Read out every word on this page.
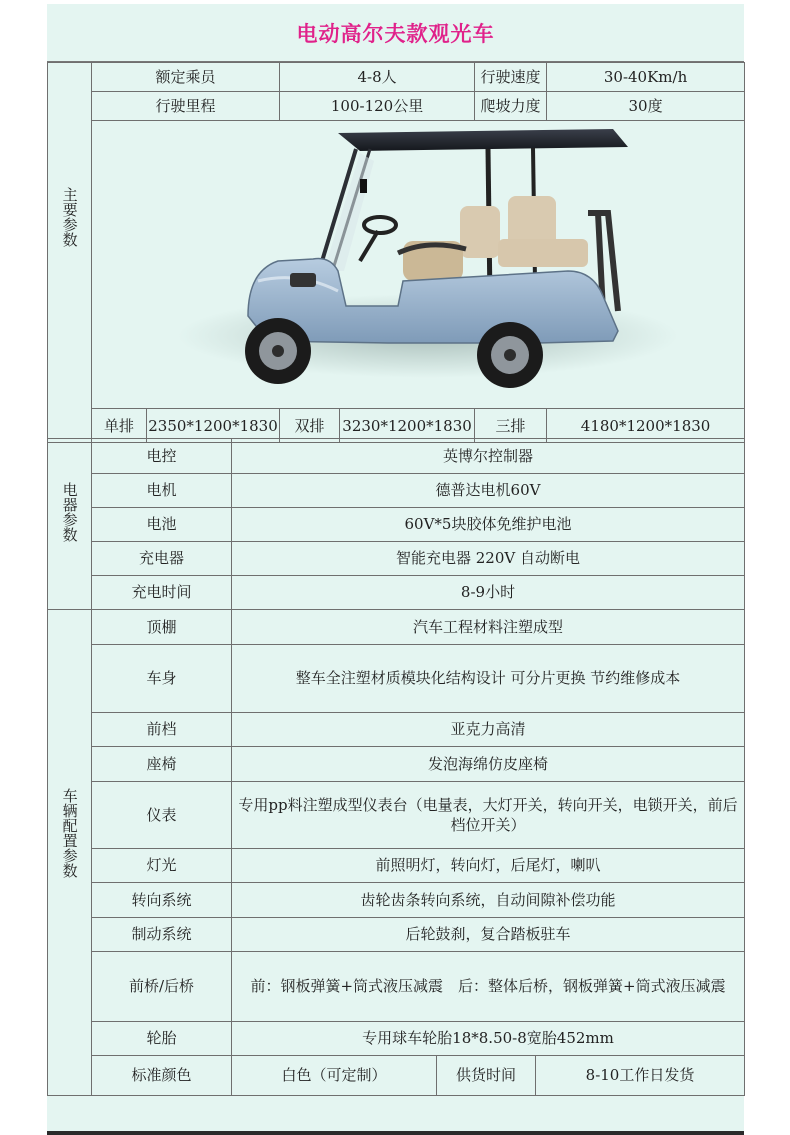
电动高尔夫款观光车
主要参数	额定乘员		4-8人		行驶速度	30-40Km/h
	行驶里程		100-120公里		爬坡力度	30度

	单排	2350*1200*1830	双排	3230*1200*1830	三排	4180*1200*1830
电器参数	电控	英博尔控制器
	电机	德普达电机60V
	电池	60V*5块胶体免维护电池
	充电器	智能充电器 220V 自动断电
	充电时间	8-9小时
车辆配置参数	顶棚	汽车工程材料注塑成型		
	车身	整车全注塑材质模块化结构设计 可分片更换 节约维修成本		
	前档	亚克力高清		
	座椅	发泡海绵仿皮座椅		
	仪表	专用pp料注塑成型仪表台（电量表，大灯开关，转向开关，电锁开关，前后档位开关）		
	灯光	前照明灯，转向灯，后尾灯，喇叭		
	转向系统	齿轮齿条转向系统，自动间隙补偿功能		
	制动系统	后轮鼓刹，复合踏板驻车		
	前桥/后桥	前：钢板弹簧+筒式液压减震　后：整体后桥，钢板弹簧+筒式液压减震		
	轮胎	专用球车轮胎18*8.50-8宽胎452mm		
	标准颜色	白色（可定制）	供货时间	8-10工作日发货
